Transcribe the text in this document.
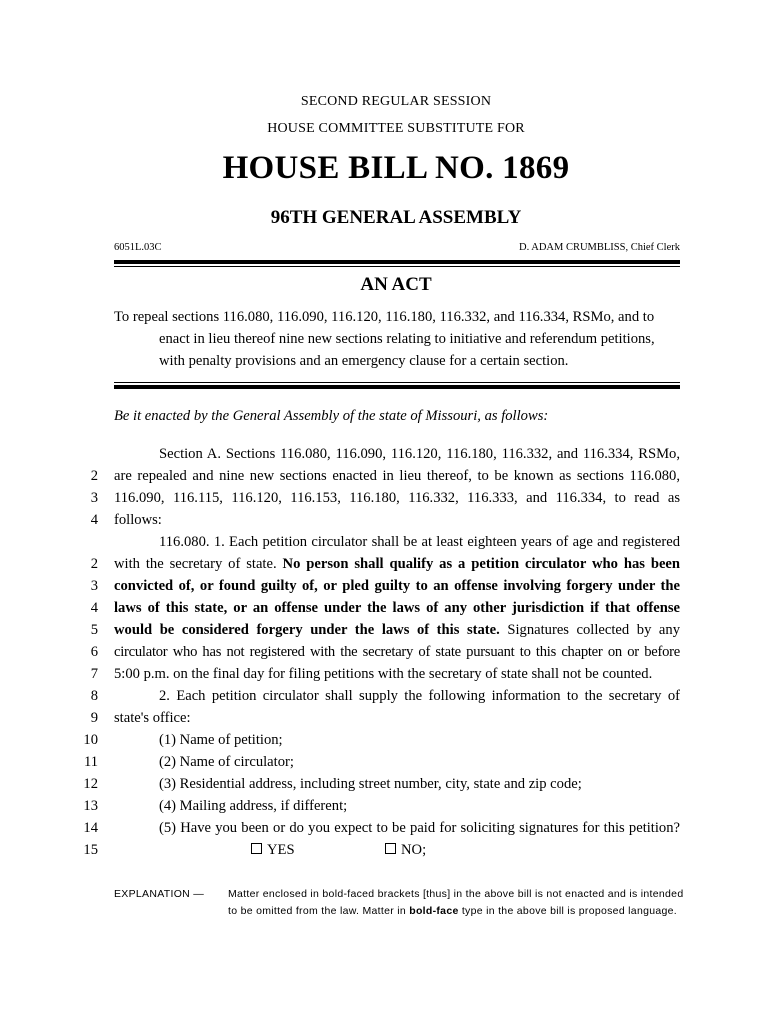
SECOND REGULAR SESSION
HOUSE COMMITTEE SUBSTITUTE FOR
HOUSE BILL NO. 1869
96TH GENERAL ASSEMBLY
6051L.03C	D. ADAM CRUMBLISS, Chief Clerk
AN ACT
To repeal sections 116.080, 116.090, 116.120, 116.180, 116.332, and 116.334, RSMo, and to
enact in lieu thereof nine new sections relating to initiative and referendum petitions,
with penalty provisions and an emergency clause for a certain section.
Be it enacted by the General Assembly of the state of Missouri, as follows:
Section A. Sections 116.080, 116.090, 116.120, 116.180, 116.332, and 116.334, RSMo,
2 are repealed and nine new sections enacted in lieu thereof, to be known as sections 116.080,
3 116.090, 116.115, 116.120, 116.153, 116.180, 116.332, 116.333, and 116.334, to read as
4 follows:
116.080. 1. Each petition circulator shall be at least eighteen years of age and registered
2 with the secretary of state. No person shall qualify as a petition circulator who has been
3 convicted of, or found guilty of, or pled guilty to an offense involving forgery under the
4 laws of this state, or an offense under the laws of any other jurisdiction if that offense
5 would be considered forgery under the laws of this state. Signatures collected by any
6 circulator who has not registered with the secretary of state pursuant to this chapter on or before
7 5:00 p.m. on the final day for filing petitions with the secretary of state shall not be counted.
8	2. Each petition circulator shall supply the following information to the secretary of
9 state's office:
10	(1) Name of petition;
11	(2) Name of circulator;
12	(3) Residential address, including street number, city, state and zip code;
13	(4) Mailing address, if different;
14	(5) Have you been or do you expect to be paid for soliciting signatures for this petition?
15	YES	NO;
EXPLANATION — Matter enclosed in bold-faced brackets [thus] in the above bill is not enacted and is intended
to be omitted from the law. Matter in bold-face type in the above bill is proposed language.
